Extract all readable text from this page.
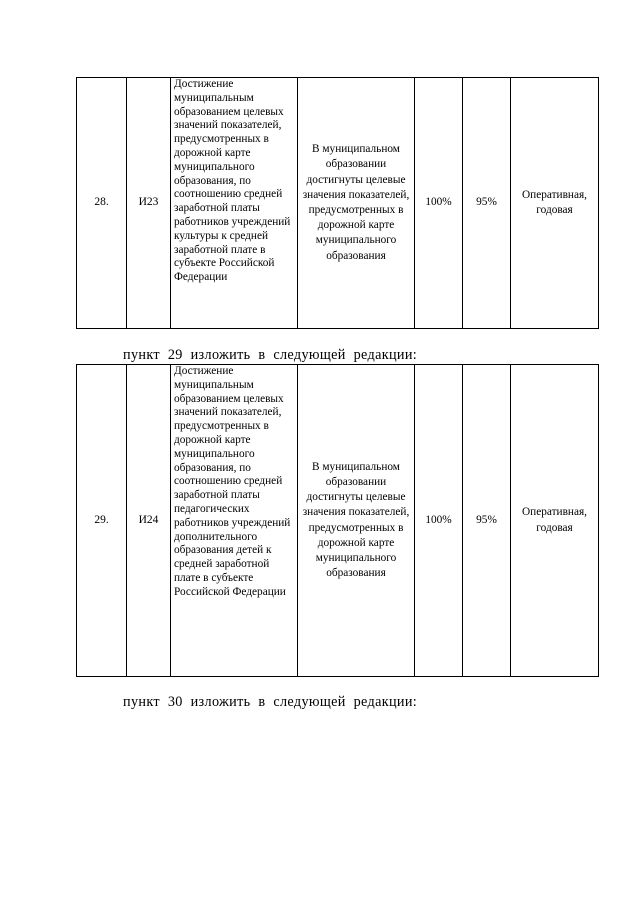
28.	И23	Достижение муниципальным образованием целевых значений показателей, предусмотренных в дорожной карте муниципального образования, по соотношению средней заработной платы работников учреждений культуры к средней заработной плате в субъекте Российской Федерации	В муниципальном образовании достигнуты целевые значения показателей, предусмотренных в дорожной карте муниципального образования	100%	95%	Оперативная, годовая
пункт 29 изложить в следующей редакции:
29.	И24	Достижение муниципальным образованием целевых значений показателей, предусмотренных в дорожной карте муниципального образования, по соотношению средней заработной платы педагогических работников учреждений дополнительного образования детей к средней заработной плате в субъекте Российской Федерации	В муниципальном образовании достигнуты целевые значения показателей, предусмотренных в дорожной карте муниципального образования	100%	95%	Оперативная, годовая
пункт 30 изложить в следующей редакции:
